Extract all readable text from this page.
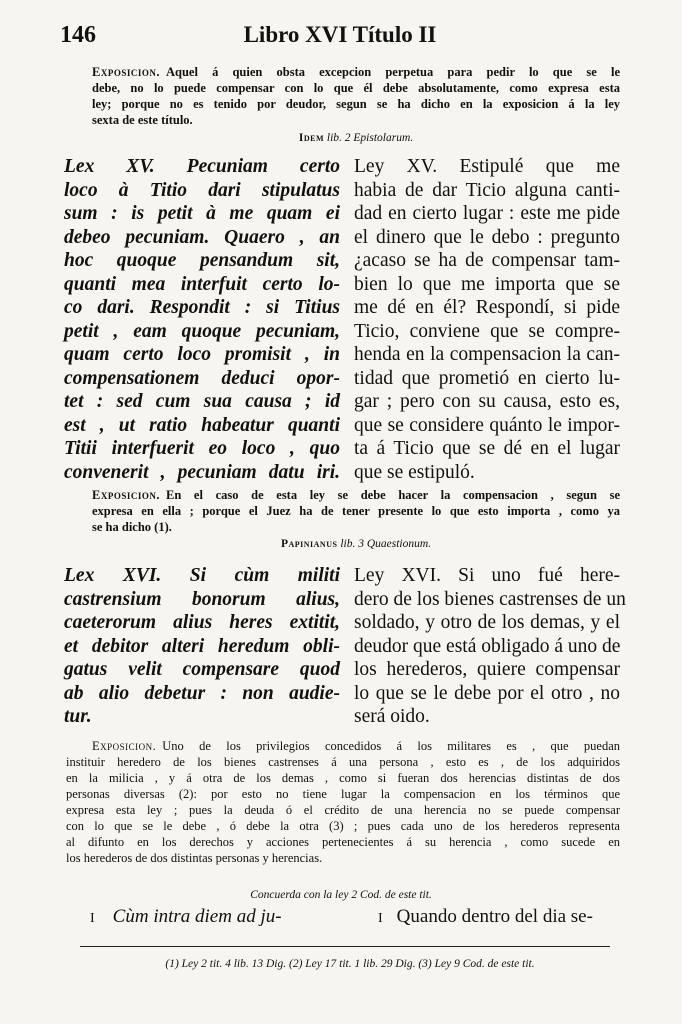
146	Libro XVI Título II
Exposicion. Aquel á quien obsta excepcion perpetua para pedir lo que se le
debe, no lo puede compensar con lo que él debe absolutamente, como expresa esta
ley; porque no es tenido por deudor, segun se ha dicho en la exposicion á la ley
sexta de este título.
Idem lib. 2 Epistolarum.
Lex XV. Pecuniam certo
loco à Titio dari stipulatus
sum : is petit à me quam ei
debeo pecuniam. Quaero , an
hoc quoque pensandum sit,
quanti mea interfuit certo lo-
co dari. Respondit : si Titius
petit , eam quoque pecuniam,
quam certo loco promisit , in
compensationem deduci opor-
tet : sed cum sua causa ; id
est , ut ratio habeatur quanti
Titii interfuerit eo loco , quo
convenerit , pecuniam datu iri.
Ley XV. Estipulé que me
habia de dar Ticio alguna canti-
dad en cierto lugar : este me pide
el dinero que le debo : pregunto
¿acaso se ha de compensar tam-
bien lo que me importa que se
me dé en él? Respondí, si pide
Ticio, conviene que se compre-
henda en la compensacion la can-
tidad que prometió en cierto lu-
gar ; pero con su causa, esto es,
que se considere quánto le impor-
ta á Ticio que se dé en el lugar
que se estipuló.
Exposicion. En el caso de esta ley se debe hacer la compensacion , segun se
expresa en ella ; porque el Juez ha de tener presente lo que esto importa , como ya
se ha dicho (1).
Papinianus lib. 3 Quaestionum.
Lex XVI. Si cùm militi
castrensium bonorum alius,
caeterorum alius heres extitit,
et debitor alteri heredum obli-
gatus velit compensare quod
ab alio debetur : non audie-
tur.
Ley XVI. Si uno fué here-
dero de los bienes castrenses de un
soldado, y otro de los demas, y el
deudor que está obligado á uno de
los herederos, quiere compensar
lo que se le debe por el otro , no
será oido.
Exposicion. Uno de los privilegios concedidos á los militares es , que puedan
instituir heredero de los bienes castrenses á una persona , esto es , de los adquiridos
en la milicia , y á otra de los demas , como si fueran dos herencias distintas de dos
personas diversas (2): por esto no tiene lugar la compensacion en los términos que
expresa esta ley ; pues la deuda ó el crédito de una herencia no se puede compensar
con lo que se le debe , ó debe la otra (3) ; pues cada uno de los herederos representa
al difunto en los derechos y acciones pertenecientes á su herencia , como sucede en
los herederos de dos distintas personas y herencias.
Concuerda con la ley 2 Cod. de este tit.
I Cùm intra diem ad ju-	I Quando dentro del dia se-
(1) Ley 2 tit. 4 lib. 13 Dig. (2) Ley 17 tit. 1 lib. 29 Dig. (3) Ley 9 Cod. de este tit.
